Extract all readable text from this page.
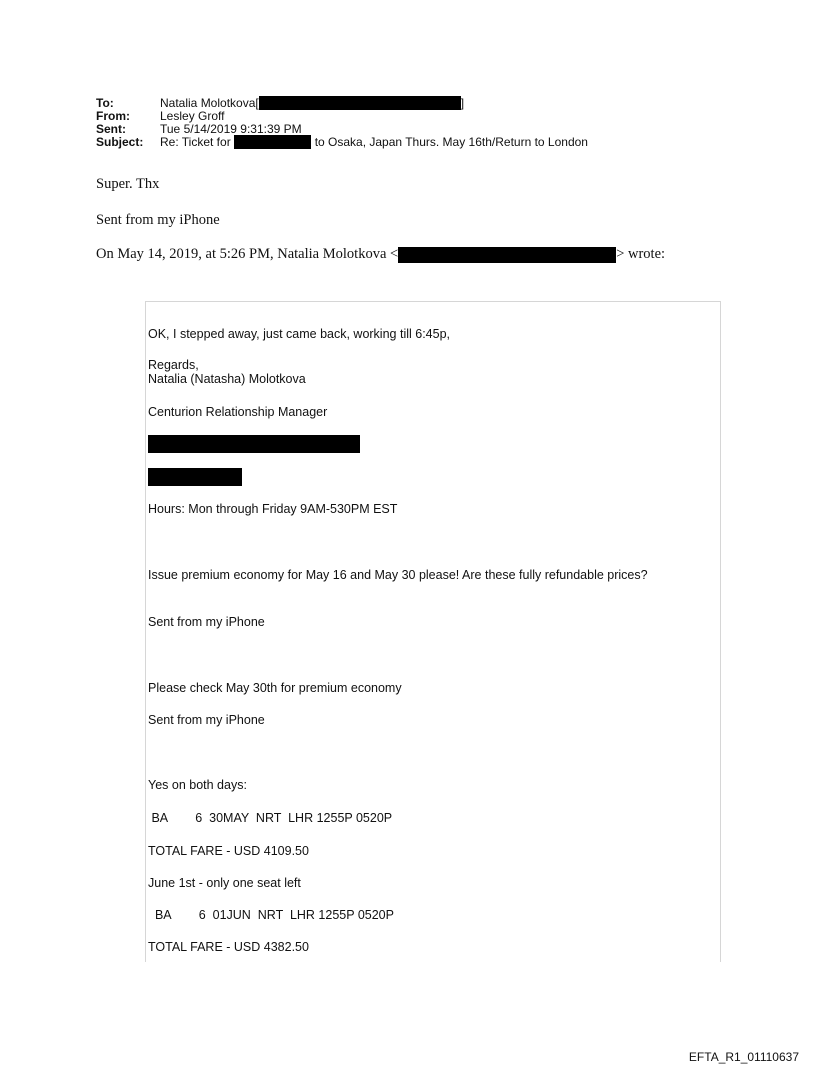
To:	Natalia Molotkova[	]
From:	Lesley Groff
Sent:	Tue 5/14/2019 9:31:39 PM
Subject:	Re: Ticket for	to Osaka, Japan Thurs. May 16th/Return to London
Super. Thx
Sent from my iPhone
On May 14, 2019, at 5:26 PM, Natalia Molotkova <	> wrote:
OK, I stepped away, just came back, working till 6:45p,
Regards,
Natalia (Natasha) Molotkova
Centurion Relationship Manager
Hours: Mon through Friday 9AM-530PM EST
Issue premium economy for May 16 and May 30 please! Are these fully refundable prices?
Sent from my iPhone
Please check May 30th for premium economy
Sent from my iPhone
Yes on both days:
BA        6  30MAY  NRT  LHR 1255P 0520P
TOTAL FARE - USD 4109.50
June 1st - only one seat left
BA        6  01JUN  NRT  LHR 1255P 0520P
TOTAL FARE - USD 4382.50
EFTA_R1_01110637
